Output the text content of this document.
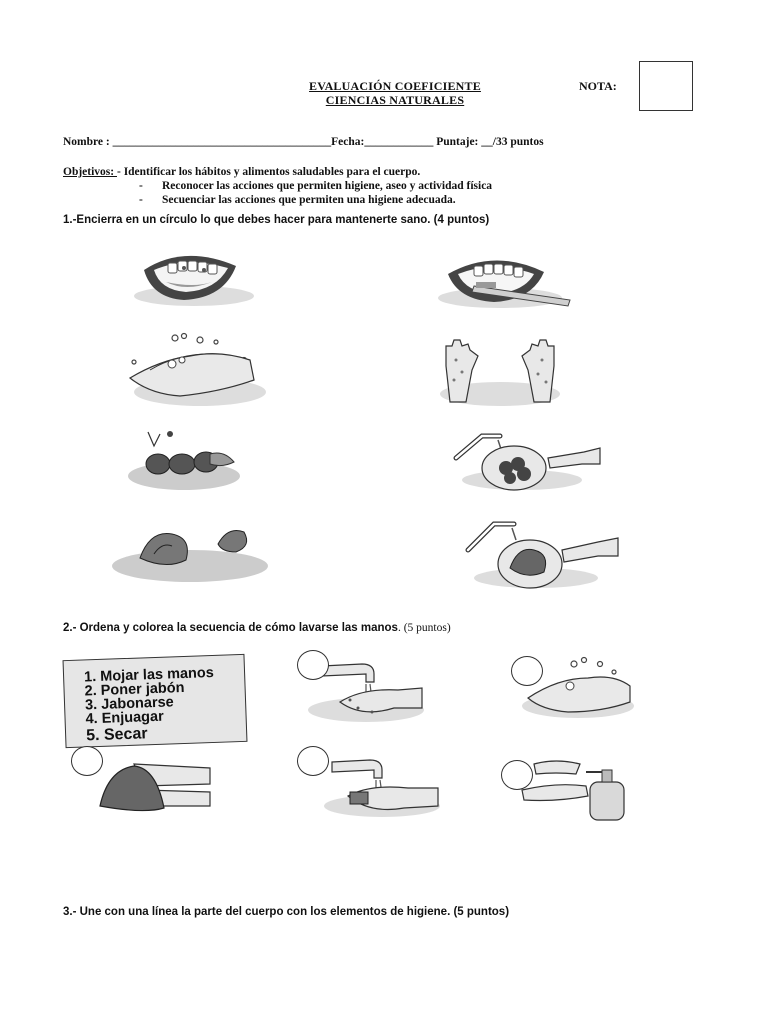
EVALUACIÓN COEFICIENTE
CIENCIAS NATURALES
NOTA:
Nombre : ______________________________________Fecha:____________ Puntaje: __/33 puntos
Objetivos: - Identificar los hábitos y alimentos saludables para el cuerpo.
- Reconocer las acciones que permiten higiene, aseo y actividad física
- Secuenciar las acciones que permiten una higiene adecuada.
1.-Encierra en un círculo lo que debes hacer para mantenerte sano. (4 puntos)
2.- Ordena y colorea la secuencia de cómo lavarse las manos. (5 puntos)
1. Mojar las manos
2. Poner jabón
3. Jabonarse
4. Enjuagar
5. Secar
3.- Une con una línea la parte del cuerpo con los elementos de higiene. (5 puntos)
